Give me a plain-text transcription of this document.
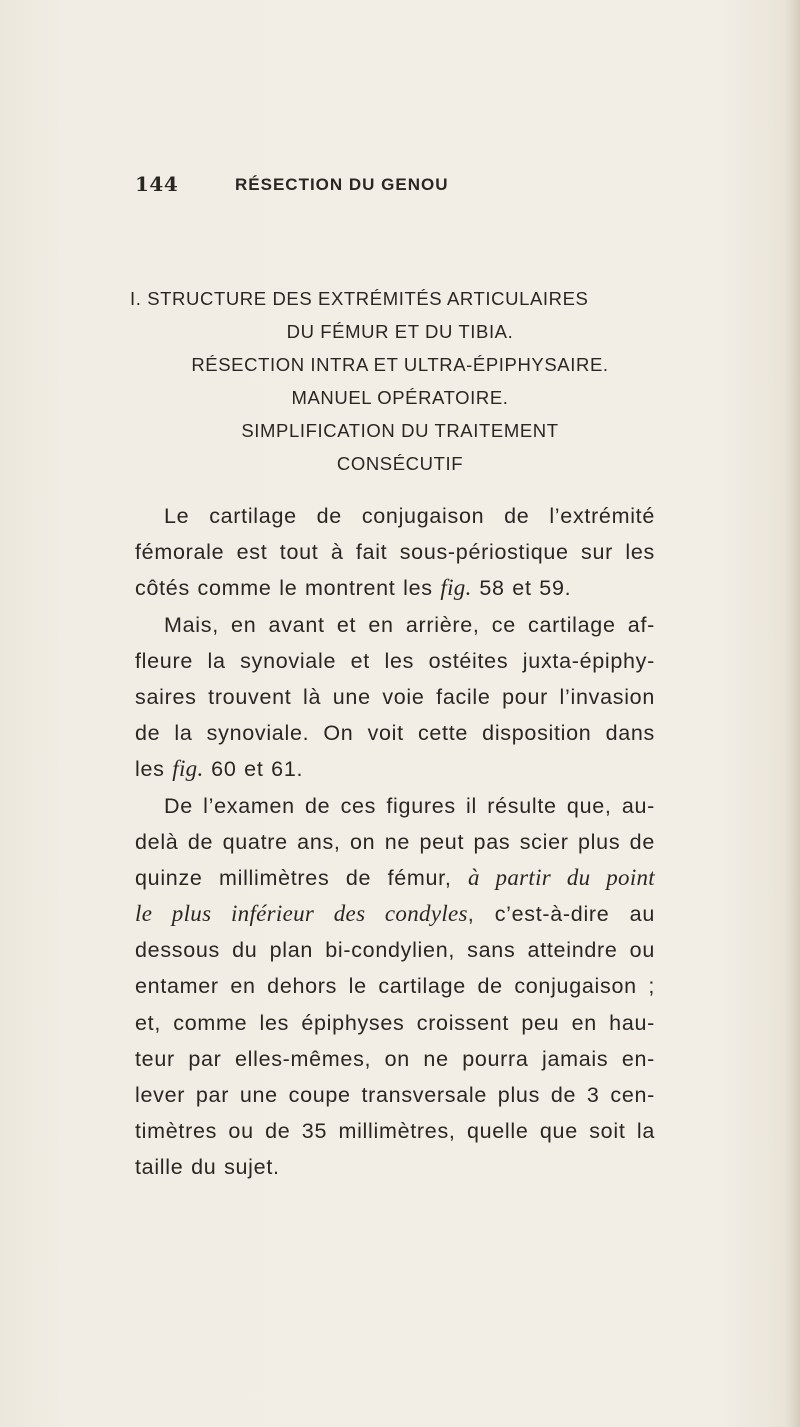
144	RÉSECTION DU GENOU
I. STRUCTURE DES EXTRÉMITÉS ARTICULAIRES
DU FÉMUR ET DU TIBIA.
RÉSECTION INTRA ET ULTRA-ÉPIPHYSAIRE.
MANUEL OPÉRATOIRE.
SIMPLIFICATION DU TRAITEMENT
CONSÉCUTIF
Le cartilage de conjugaison de l’extrémité
fémorale est tout à fait sous-périostique sur les
côtés comme le montrent les fig. 58 et 59.
Mais, en avant et en arrière, ce cartilage af-
fleure la synoviale et les ostéites juxta-épiphy-
saires trouvent là une voie facile pour l’invasion
de la synoviale. On voit cette disposition dans
les fig. 60 et 61.
De l’examen de ces figures il résulte que, au-
delà de quatre ans, on ne peut pas scier plus de
quinze millimètres de fémur, à partir du point
le plus inférieur des condyles, c’est-à-dire au
dessous du plan bi-condylien, sans atteindre ou
entamer en dehors le cartilage de conjugaison ;
et, comme les épiphyses croissent peu en hau-
teur par elles-mêmes, on ne pourra jamais en-
lever par une coupe transversale plus de 3 cen-
timètres ou de 35 millimètres, quelle que soit la
taille du sujet.
